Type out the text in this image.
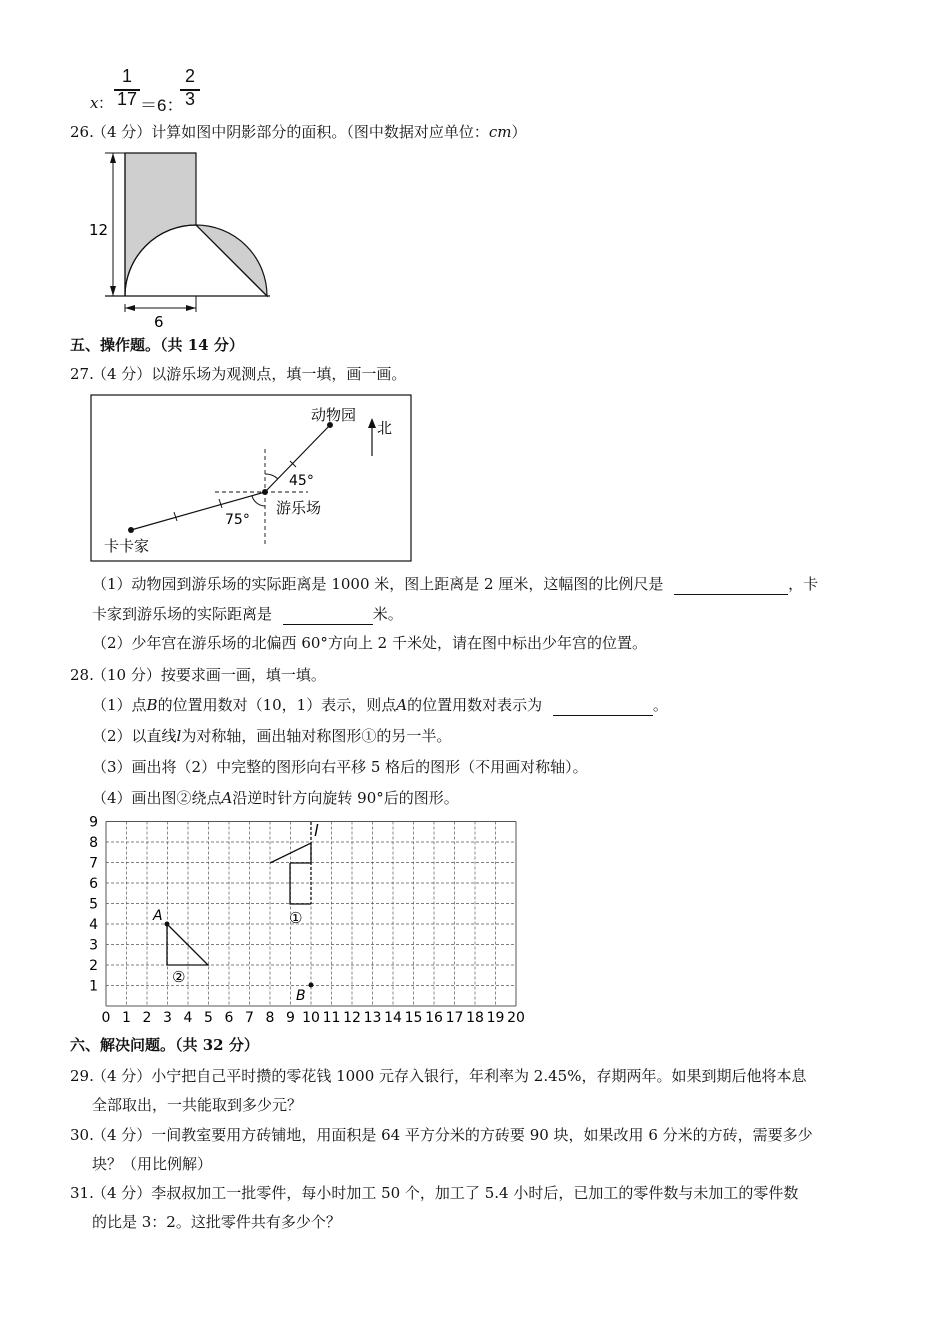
x ：
1
17 ＝6：
2
3
26.
（4 分）计算如图中阴影部分的面积。（图中数据对应单位：cm）
12
6
五、操作题。（共 14 分）
27.
（4 分）以游乐场为观测点，填一填，画一画。
动物园
北
45°
游乐场
75°
卡卡家
（1）动物园到游乐场的实际距离是 1000 米，图上距离是 2 厘米，这幅图的比例尺是	，卡
卡家到游乐场的实际距离是	米。
（2）少年宫在游乐场的北偏西 60°方向上 2 千米处，请在图中标出少年宫的位置。
28.
（10 分）按要求画一画，填一填。
（1）点B的位置用数对（10，1）表示，则点A的位置用数对表示为	。
（2）以直线l为对称轴，画出轴对称图形①的另一半。
（3）画出将（2）中完整的图形向右平移 5 格后的图形（不用画对称轴）。
（4）画出图②绕点A沿逆时针方向旋转 90°后的图形。
0 1 2 3 4 5 6 7 8 9 10 11 12 13 14 15 16 17 18 19 20
1
2
3
4
5
6
7
8
9
A
B
l
①
②
六、解决问题。（共 32 分）
29.
（4 分）小宁把自己平时攒的零花钱 1000 元存入银行，年利率为 2.45%，存期两年。如果到期后他将本息
全部取出，一共能取到多少元？
30.
（4 分）一间教室要用方砖铺地，用面积是 64 平方分米的方砖要 90 块，如果改用 6 分米的方砖，需要多少
块？（用比例解）
31.
（4 分）李叔叔加工一批零件，每小时加工 50 个，加工了 5.4 小时后，已加工的零件数与未加工的零件数
的比是 3：2。这批零件共有多少个？
